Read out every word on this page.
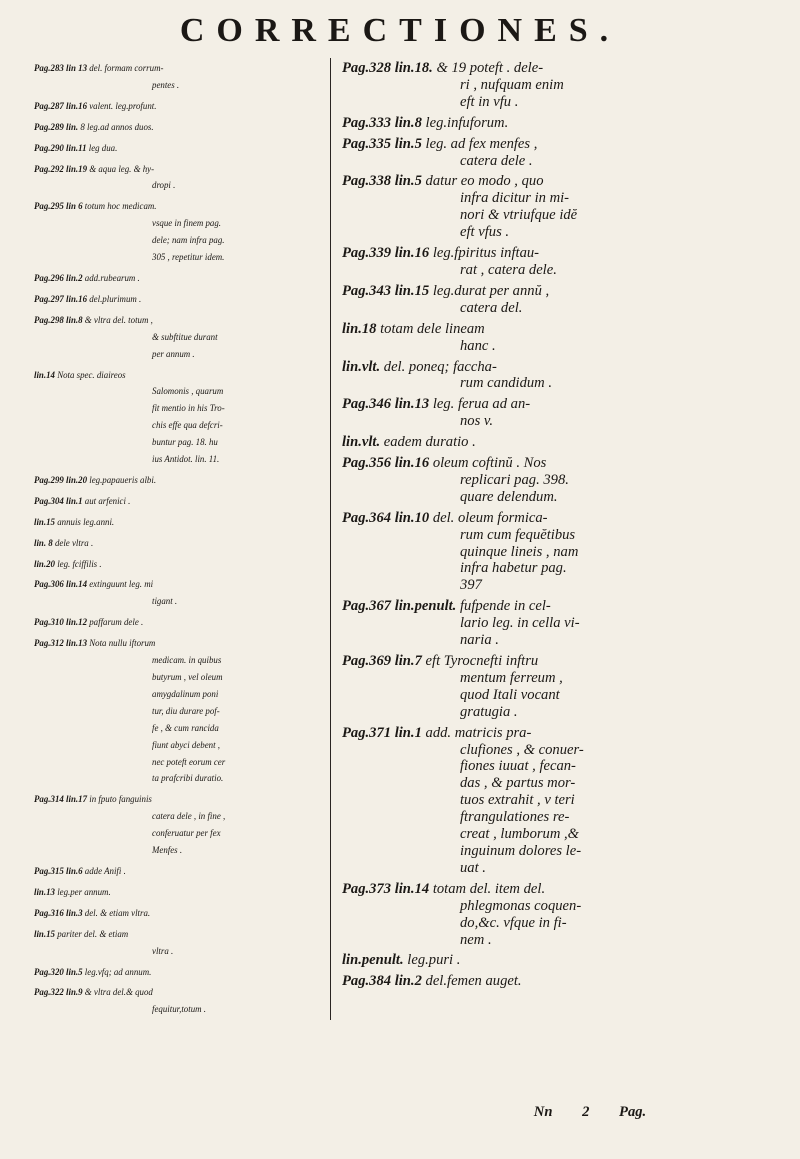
CORRECTIONES.
Pag.283 lin 13 del. formam corrum-
pentes .
Pag.287 lin.16 valent. leg.profunt.
Pag.289 lin. 8 leg.ad annos duos.
Pag.290 lin.11 leg dua.
Pag.292 lin.19 & aqua leg. & hy-
dropi .
Pag.295 lin 6 totum hoc medicam.
vsque in finem pag.
dele; nam infra pag.
305 , repetitur idem.
Pag.296 lin.2 add.rubearum .
Pag.297 lin.16 del.plurimum .
Pag.298 lin.8 & vltra del. totum ,
& subftitue durant
per annum .
lin.14 Nota spec. diaireos
Salomonis , quarum
fit mentio in his Tro-
chis effe qua defcri-
buntur pag. 18. hu
ius Antidot. lin. 11.
Pag.299 lin.20 leg.papaueris albi.
Pag.304 lin.1 aut arfenici .
lin.15 annuis leg.anni.
lin. 8 dele vltra .
lin.20 leg. fciffilis .
Pag.306 lin.14 extinguunt leg. mi
tigant .
Pag.310 lin.12 paffarum dele .
Pag.312 lin.13 Nota nullu iftorum
medicam. in quibus
butyrum , vel oleum
amygdalinum poni
tur, diu durare pof-
fe , & cum rancida
fiunt abyci debent ,
nec poteft eorum cer
ta prafcribi duratio.
Pag.314 lin.17 in fputo fanguinis
catera dele , in fine ,
conferuatur per fex
Menfes .
Pag.315 lin.6 adde Anifi .
lin.13 leg.per annum.
Pag.316 lin.3 del. & etiam vltra.
lin.15 pariter del. & etiam
vltra .
Pag.320 lin.5 leg.vfq; ad annum.
Pag.322 lin.9 & vltra del.& quod
fequitur,totum .
Pag.328 lin.18. & 19 poteft . dele-
ri , nufquam enim
eft in vfu .
Pag.333 lin.8 leg.infuforum.
Pag.335 lin.5 leg. ad fex menfes ,
catera dele .
Pag.338 lin.5 datur eo modo , quo
infra dicitur in mi-
nori & vtriufque idĕ
eft vfus .
Pag.339 lin.16 leg.fpiritus inftau-
rat , catera dele.
Pag.343 lin.15 leg.durat per annŭ ,
catera del.
lin.18 totam dele lineam
hanc .
lin.vlt. del. poneq; faccha-
rum candidum .
Pag.346 lin.13 leg. ferua ad an-
nos v.
lin.vlt. eadem duratio .
Pag.356 lin.16 oleum coftinŭ . Nos
replicari pag. 398.
quare delendum.
Pag.364 lin.10 del. oleum formica-
rum cum fequĕtibus
quinque lineis , nam
infra habetur pag.
397
Pag.367 lin.penult. fufpende in cel-
lario leg. in cella vi-
naria .
Pag.369 lin.7 eft Tyrocnefti inftru
mentum ferreum ,
quod Itali vocant
gratugia .
Pag.371 lin.1 add. matricis pra-
clufiones , & conuer-
fiones iuuat , fecan-
das , & partus mor-
tuos extrahit , v teri
ftrangulationes re-
creat , lumborum ,&
inguinum dolores le-
uat .
Pag.373 lin.14 totam del. item del.
phlegmonas coquen-
do,&c. vfque in fi-
nem .
lin.penult. leg.puri .
Pag.384 lin.2 del.femen auget.
Nn 2 Pag.
